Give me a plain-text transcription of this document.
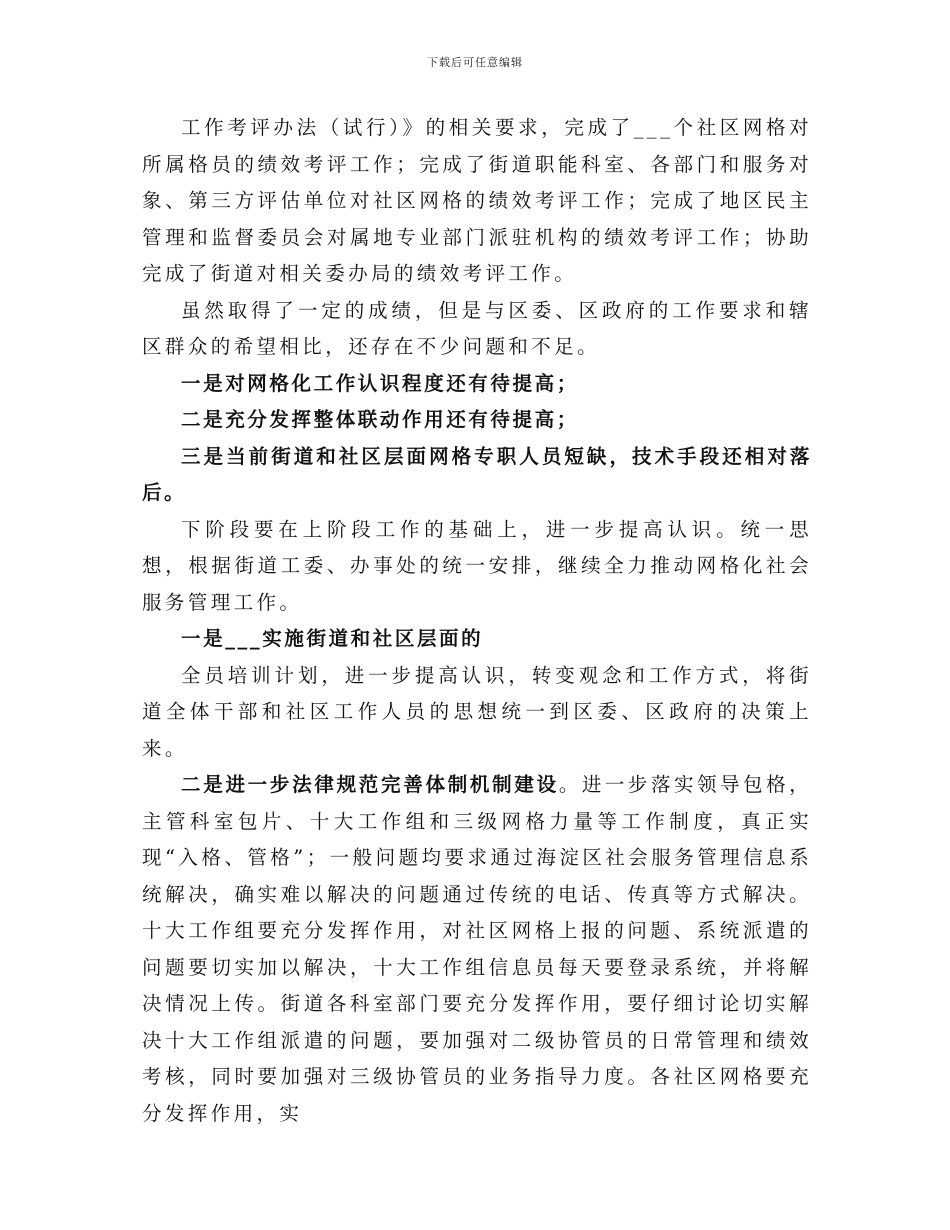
下载后可任意编辑

工作考评办法（试行）》的相关要求，完成了___个社区网格对所属格员的绩效考评工作；完成了街道职能科室、各部门和服务对象、第三方评估单位对社区网格的绩效考评工作；完成了地区民主管理和监督委员会对属地专业部门派驻机构的绩效考评工作；协助完成了街道对相关委办局的绩效考评工作。

虽然取得了一定的成绩，但是与区委、区政府的工作要求和辖区群众的希望相比，还存在不少问题和不足。

一是对网格化工作认识程度还有待提高；

二是充分发挥整体联动作用还有待提高；

三是当前街道和社区层面网格专职人员短缺，技术手段还相对落后。

下阶段要在上阶段工作的基础上，进一步提高认识。统一思想，根据街道工委、办事处的统一安排，继续全力推动网格化社会服务管理工作。

一是___实施街道和社区层面的

全员培训计划，进一步提高认识，转变观念和工作方式，将街道全体干部和社区工作人员的思想统一到区委、区政府的决策上来。

二是进一步法律规范完善体制机制建设。进一步落实领导包格，主管科室包片、十大工作组和三级网格力量等工作制度，真正实现“入格、管格”；一般问题均要求通过海淀区社会服务管理信息系统解决，确实难以解决的问题通过传统的电话、传真等方式解决。十大工作组要充分发挥作用，对社区网格上报的问题、系统派遣的问题要切实加以解决，十大工作组信息员每天要登录系统，并将解决情况上传。街道各科室部门要充分发挥作用，要仔细讨论切实解决十大工作组派遣的问题，要加强对二级协管员的日常管理和绩效考核，同时要加强对三级协管员的业务指导力度。各社区网格要充分发挥作用，实
